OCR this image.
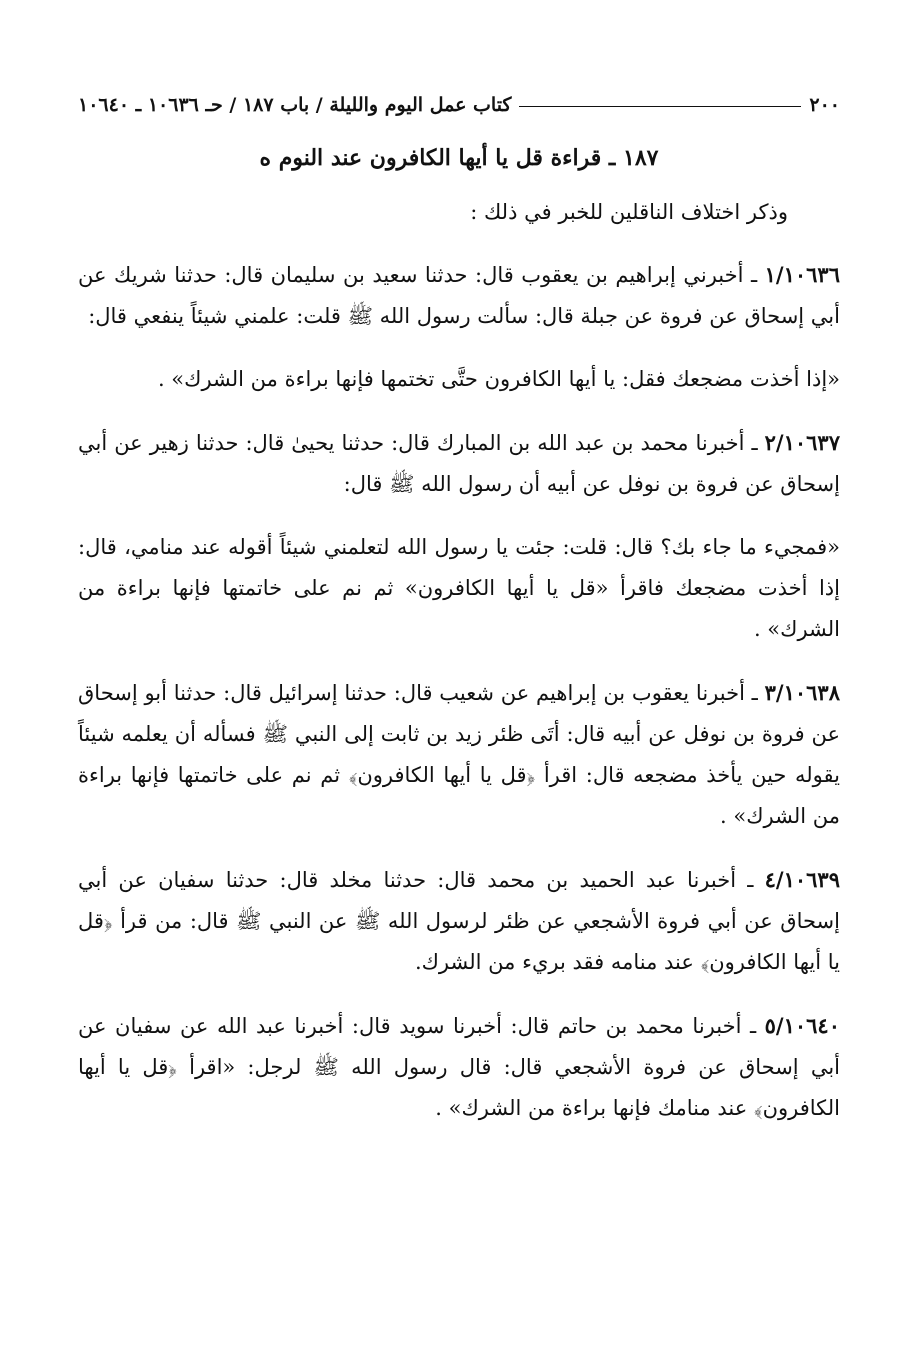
٢٠٠
كتاب عمل اليوم والليلة / باب ١٨٧ / حـ ١٠٦٣٦ ـ ١٠٦٤٠
١٨٧ ـ قراءة قل يا أيها الكافرون عند النوم ه
وذكر اختلاف الناقلين للخبر في ذلك :
١/١٠٦٣٦ ـ أخبرني إبراهيم بن يعقوب قال: حدثنا سعيد بن سليمان قال: حدثنا شريك عن أبي إسحاق عن فروة عن جبلة قال: سألت رسول الله ﷺ قلت: علمني شيئاً ينفعي قال:
«إذا أخذت مضجعك فقل: يا أيها الكافرون حتَّى تختمها فإنها براءة من الشرك» .
٢/١٠٦٣٧ ـ أخبرنا محمد بن عبد الله بن المبارك قال: حدثنا يحيىٰ قال: حدثنا زهير عن أبي إسحاق عن فروة بن نوفل عن أبيه أن رسول الله ﷺ قال:
«فمجيء ما جاء بك؟ قال: قلت: جئت يا رسول الله لتعلمني شيئاً أقوله عند منامي، قال: إذا أخذت مضجعك فاقرأ «قل يا أيها الكافرون» ثم نم على خاتمتها فإنها براءة من الشرك» .
٣/١٠٦٣٨ ـ أخبرنا يعقوب بن إبراهيم عن شعيب قال: حدثنا إسرائيل قال: حدثنا أبو إسحاق عن فروة بن نوفل عن أبيه قال: أتَى ظئر زيد بن ثابت إلى النبي ﷺ فسأله أن يعلمه شيئاً يقوله حين يأخذ مضجعه قال: اقرأ ﴿قل يا أيها الكافرون﴾ ثم نم على خاتمتها فإنها براءة من الشرك» .
٤/١٠٦٣٩ ـ أخبرنا عبد الحميد بن محمد قال: حدثنا مخلد قال: حدثنا سفيان عن أبي إسحاق عن أبي فروة الأشجعي عن ظئر لرسول الله ﷺ عن النبي ﷺ قال: من قرأ ﴿قل يا أيها الكافرون﴾ عند منامه فقد بريء من الشرك.
٥/١٠٦٤٠ ـ أخبرنا محمد بن حاتم قال: أخبرنا سويد قال: أخبرنا عبد الله عن سفيان عن أبي إسحاق عن فروة الأشجعي قال: قال رسول الله ﷺ لرجل: «اقرأ ﴿قل يا أيها الكافرون﴾ عند منامك فإنها براءة من الشرك» .
